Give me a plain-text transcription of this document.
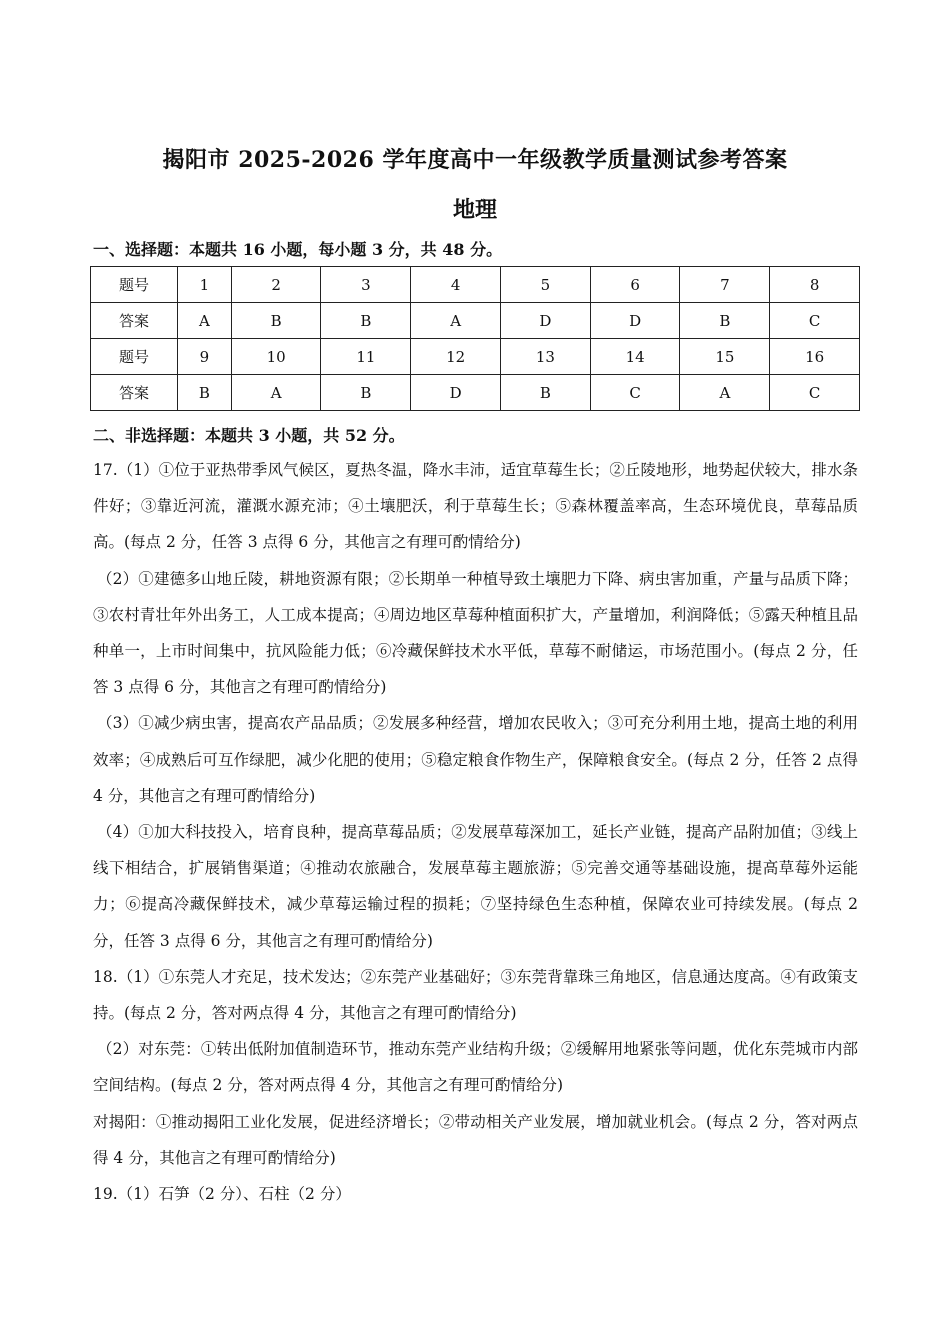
揭阳市 2025-2026 学年度高中一年级教学质量测试参考答案
地理
一、选择题：本题共 16 小题，每小题 3 分，共 48 分。
题号	1	2	3	4	5	6	7	8
答案	A	B	B	A	D	D	B	C
题号	9	10	11	12	13	14	15	16
答案	B	A	B	D	B	C	A	C
二、非选择题：本题共 3 小题，共 52 分。

17.（1）①位于亚热带季风气候区，夏热冬温，降水丰沛，适宜草莓生长；②丘陵地形，地势起伏较大，排水条件好；③靠近河流，灌溉水源充沛；④土壤肥沃，利于草莓生长；⑤森林覆盖率高，生态环境优良，草莓品质高。(每点 2 分，任答 3 点得 6 分，其他言之有理可酌情给分)

（2）①建德多山地丘陵，耕地资源有限；②长期单一种植导致土壤肥力下降、病虫害加重，产量与品质下降；③农村青壮年外出务工，人工成本提高；④周边地区草莓种植面积扩大，产量增加，利润降低；⑤露天种植且品种单一，上市时间集中，抗风险能力低；⑥冷藏保鲜技术水平低，草莓不耐储运，市场范围小。(每点 2 分，任答 3 点得 6 分，其他言之有理可酌情给分)

（3）①减少病虫害，提高农产品品质；②发展多种经营，增加农民收入；③可充分利用土地，提高土地的利用效率；④成熟后可互作绿肥，减少化肥的使用；⑤稳定粮食作物生产，保障粮食安全。(每点 2 分，任答 2 点得 4 分，其他言之有理可酌情给分)

（4）①加大科技投入，培育良种，提高草莓品质；②发展草莓深加工，延长产业链，提高产品附加值；③线上线下相结合，扩展销售渠道；④推动农旅融合，发展草莓主题旅游；⑤完善交通等基础设施，提高草莓外运能力；⑥提高冷藏保鲜技术，减少草莓运输过程的损耗；⑦坚持绿色生态种植，保障农业可持续发展。(每点 2 分，任答 3 点得 6 分，其他言之有理可酌情给分)

18.（1）①东莞人才充足，技术发达；②东莞产业基础好；③东莞背靠珠三角地区，信息通达度高。④有政策支持。(每点 2 分，答对两点得 4 分，其他言之有理可酌情给分)

（2）对东莞：①转出低附加值制造环节，推动东莞产业结构升级；②缓解用地紧张等问题，优化东莞城市内部空间结构。(每点 2 分，答对两点得 4 分，其他言之有理可酌情给分)

对揭阳：①推动揭阳工业化发展，促进经济增长；②带动相关产业发展，增加就业机会。(每点 2 分，答对两点得 4 分，其他言之有理可酌情给分)

19.（1）石笋（2 分）、石柱（2 分）
